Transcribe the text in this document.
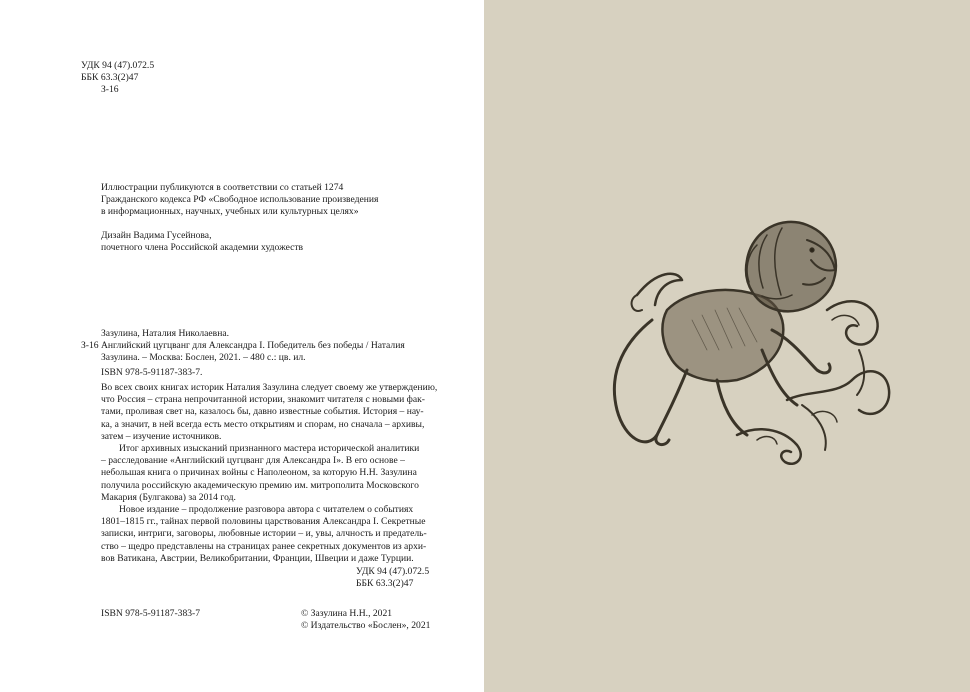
УДК 94 (47).072.5
ББК 63.3(2)47
З-16
Иллюстрации публикуются в соответствии со статьей 1274
Гражданского кодекса РФ «Свободное использование произведения
в информационных, научных, учебных или культурных целях»
Дизайн Вадима Гусейнова,
почетного члена Российской академии художеств
Зазулина, Наталия Николаевна.
З-16 Английский цугцванг для Александра I. Победитель без победы / Наталия
Зазулина. – Москва: Бослен, 2021. – 480 с.: цв. ил.
ISBN 978-5-91187-383-7.
Во всех своих книгах историк Наталия Зазулина следует своему же утверждению,
что Россия – страна непрочитанной истории, знакомит читателя с новыми фак-
тами, проливая свет на, казалось бы, давно известные события. История – нау-
ка, а значит, в ней всегда есть место открытиям и спорам, но сначала – архивы,
затем – изучение источников.
Итог архивных изысканий признанного мастера исторической аналитики
– расследование «Английский цугцванг для Александра I». В его основе –
небольшая книга о причинах войны с Наполеоном, за которую Н.Н. Зазулина
получила российскую академическую премию им. митрополита Московского
Макария (Булгакова) за 2014 год.
Новое издание – продолжение разговора автора с читателем о событиях
1801–1815 гг., тайнах первой половины царствования Александра I. Секретные
записки, интриги, заговоры, любовные истории – и, увы, алчность и предатель-
ство – щедро представлены на страницах ранее секретных документов из архи-
вов Ватикана, Австрии, Великобритании, Франции, Швеции и даже Турции.
УДК 94 (47).072.5
ББК 63.3(2)47
ISBN 978-5-91187-383-7	© Зазулина Н.Н., 2021
© Издательство «Бослен», 2021
